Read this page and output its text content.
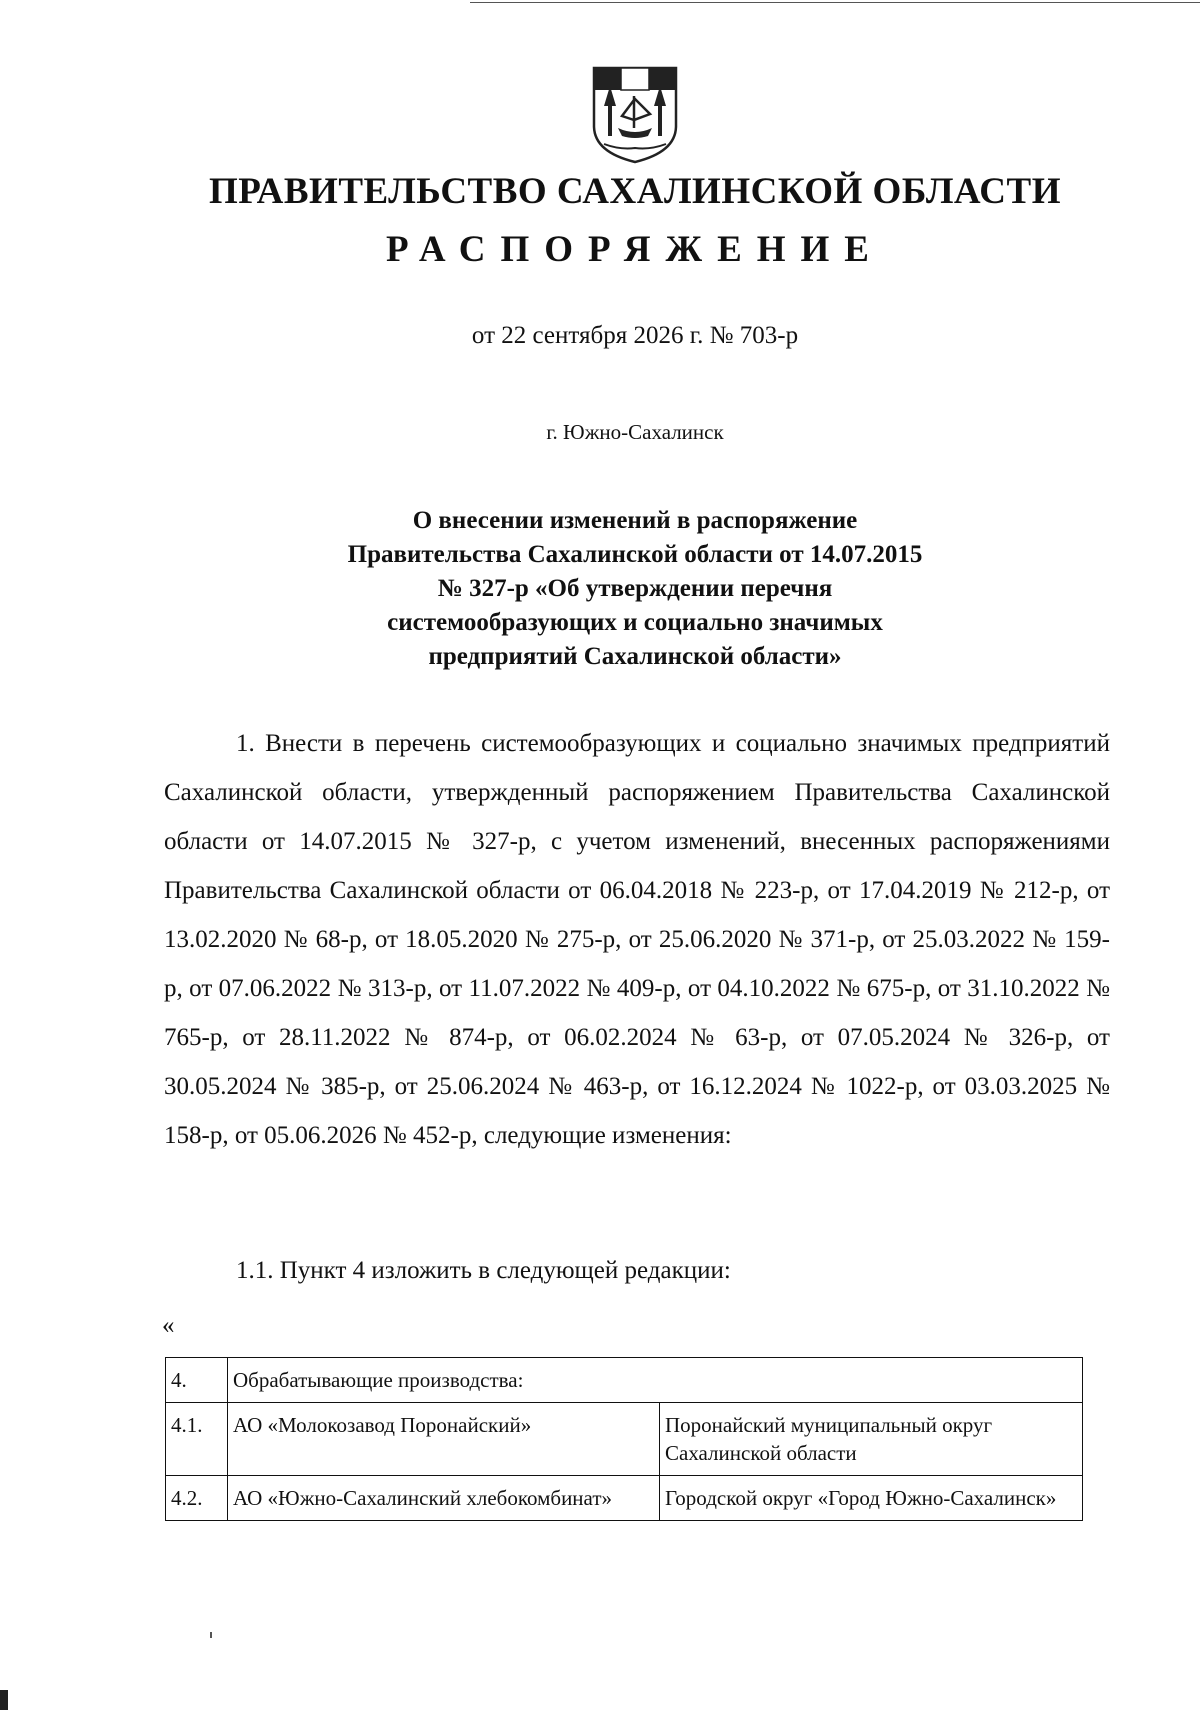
ПРАВИТЕЛЬСТВО САХАЛИНСКОЙ ОБЛАСТИ
РАСПОРЯЖЕНИЕ

от 22 сентября 2026 г. № 703-р

г. Южно-Сахалинск

О внесении изменений в распоряжение
Правительства Сахалинской области от 14.07.2015
№ 327-р «Об утверждении перечня
системообразующих и социально значимых
предприятий Сахалинской области»

1. Внести в перечень системообразующих и социально значимых предприятий Сахалинской области, утвержденный распоряжением Правительства Сахалинской области от 14.07.2015 № 327-р, с учетом изменений, внесенных распоряжениями Правительства Сахалинской области от 06.04.2018 № 223-р, от 17.04.2019 № 212-р, от 13.02.2020 № 68-р, от 18.05.2020 № 275-р, от 25.06.2020 № 371-р, от 25.03.2022 № 159-р, от 07.06.2022 № 313-р, от 11.07.2022 № 409-р, от 04.10.2022 № 675-р, от 31.10.2022 № 765-р, от 28.11.2022 № 874-р, от 06.02.2024 № 63-р, от 07.05.2024 № 326-р, от 30.05.2024 № 385-р, от 25.06.2024 № 463-р, от 16.12.2024 № 1022-р, от 03.03.2025 № 158-р, от 05.06.2026 № 452-р, следующие изменения:

1.1. Пункт 4 изложить в следующей редакции:

«

4.	Обрабатывающие производства:	
4.1.	АО «Молокозавод Поронайский»	Поронайский муниципальный округ Сахалинской области
4.2.	АО «Южно-Сахалинский хлебокомбинат»	Городской округ «Город Южно-Сахалинск»
